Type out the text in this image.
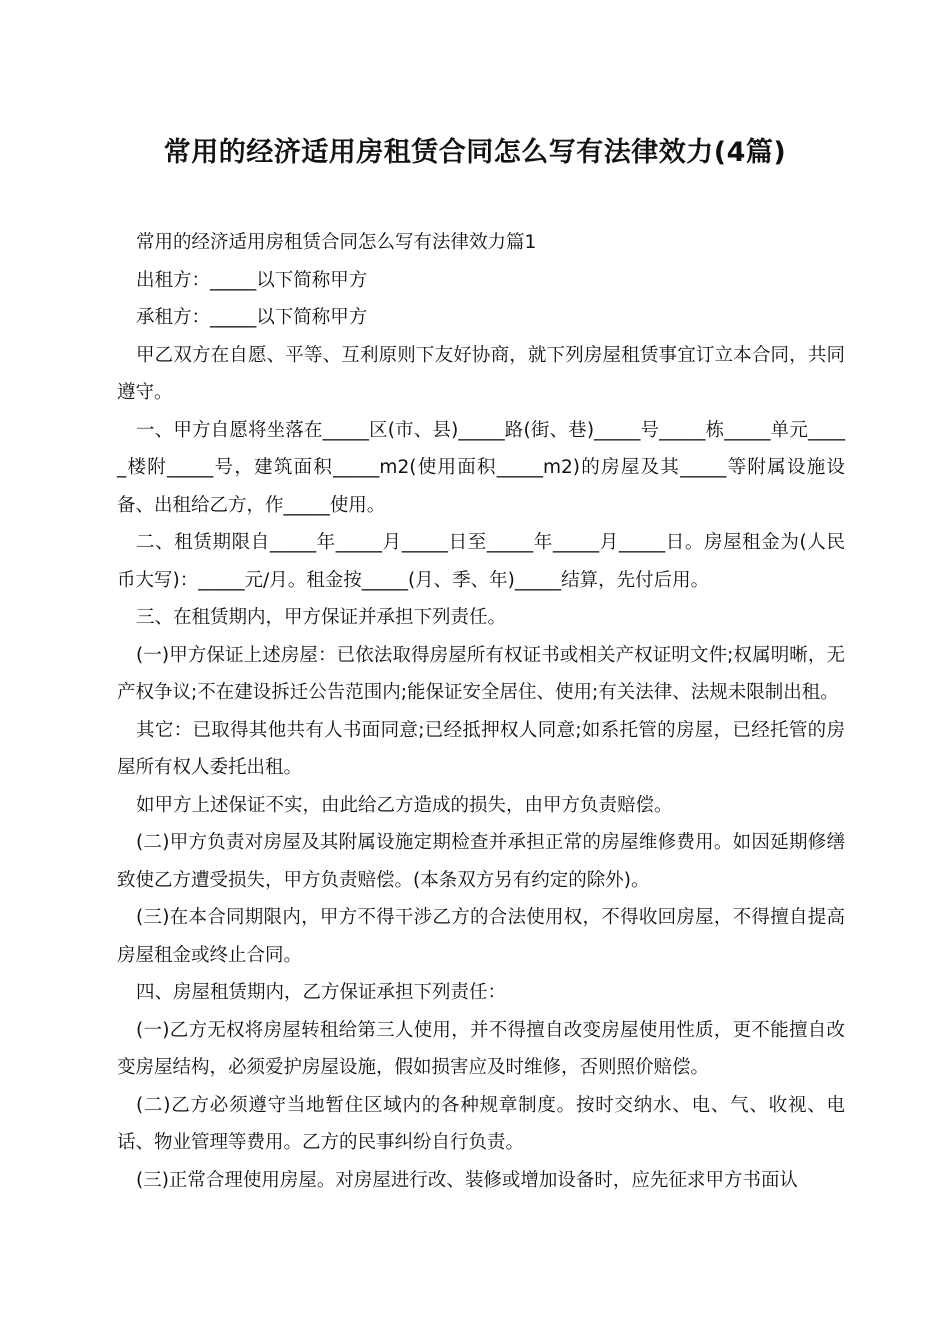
常用的经济适用房租赁合同怎么写有法律效力(4篇)

常用的经济适用房租赁合同怎么写有法律效力篇1

出租方：_____以下简称甲方

承租方：_____以下简称甲方

甲乙双方在自愿、平等、互利原则下友好协商，就下列房屋租赁事宜订立本合同，共同遵守。

一、甲方自愿将坐落在_____区(市、县)_____路(街、巷)_____号_____栋_____单元_____楼附_____号，建筑面积_____m2(使用面积_____m2)的房屋及其_____等附属设施设备、出租给乙方，作_____使用。

二、租赁期限自_____年_____月_____日至_____年_____月_____日。房屋租金为(人民币大写)：_____元/月。租金按_____(月、季、年)_____结算，先付后用。

三、在租赁期内，甲方保证并承担下列责任。

(一)甲方保证上述房屋：已依法取得房屋所有权证书或相关产权证明文件;权属明晰，无产权争议;不在建设拆迁公告范围内;能保证安全居住、使用;有关法律、法规未限制出租。

其它：已取得其他共有人书面同意;已经抵押权人同意;如系托管的房屋，已经托管的房屋所有权人委托出租。

如甲方上述保证不实，由此给乙方造成的损失，由甲方负责赔偿。

(二)甲方负责对房屋及其附属设施定期检查并承担正常的房屋维修费用。如因延期修缮致使乙方遭受损失，甲方负责赔偿。(本条双方另有约定的除外)。

(三)在本合同期限内，甲方不得干涉乙方的合法使用权，不得收回房屋，不得擅自提高房屋租金或终止合同。

四、房屋租赁期内，乙方保证承担下列责任：

(一)乙方无权将房屋转租给第三人使用，并不得擅自改变房屋使用性质，更不能擅自改变房屋结构，必须爱护房屋设施，假如损害应及时维修，否则照价赔偿。

(二)乙方必须遵守当地暂住区域内的各种规章制度。按时交纳水、电、气、收视、电话、物业管理等费用。乙方的民事纠纷自行负责。

(三)正常合理使用房屋。对房屋进行改、装修或增加设备时，应先征求甲方书面认
